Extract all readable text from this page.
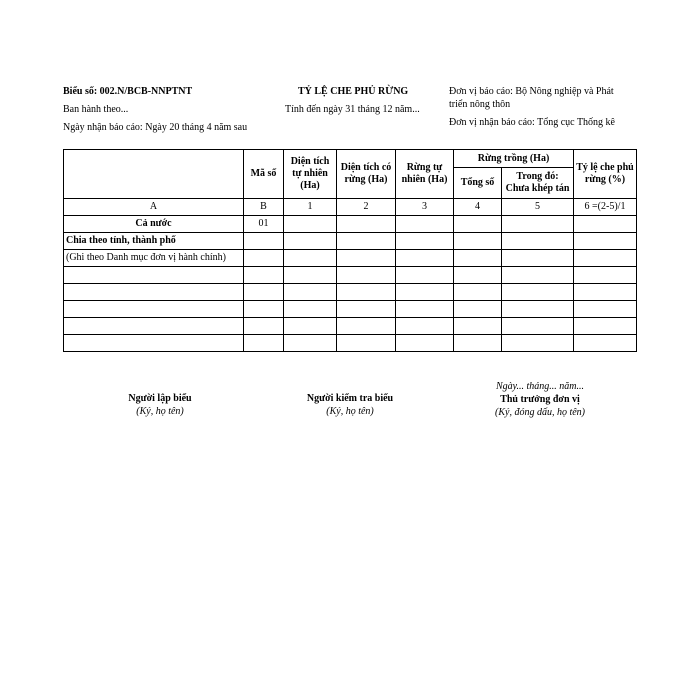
Biểu số: 002.N/BCB-NNPTNT
Ban hành theo...
Ngày nhận báo cáo: Ngày 20 tháng 4 năm sau
TỶ LỆ CHE PHỦ RỪNG
Tính đến ngày 31 tháng 12 năm...
Đơn vị báo cáo: Bộ Nông nghiệp và Phát
triển nông thôn
Đơn vị nhận báo cáo: Tổng cục Thống kê
	Mã số	Diện tích tự nhiên (Ha)	Diện tích có rừng (Ha)	Rừng tự nhiên (Ha)	Rừng trồng (Ha)		Tỷ lệ che phủ rừng (%)
					Tổng số	Trong đó: Chưa khép tán	
A	B	1	2	3	4	5	6 =(2-5)/1
Cả nước	01						
Chia theo tỉnh, thành phố							
(Ghi theo Danh mục đơn vị hành chính)							

Người lập biểu
(Ký, họ tên)
Người kiểm tra biểu
(Ký, họ tên)
Ngày... tháng... năm...
Thủ trưởng đơn vị
(Ký, đóng dấu, họ tên)
